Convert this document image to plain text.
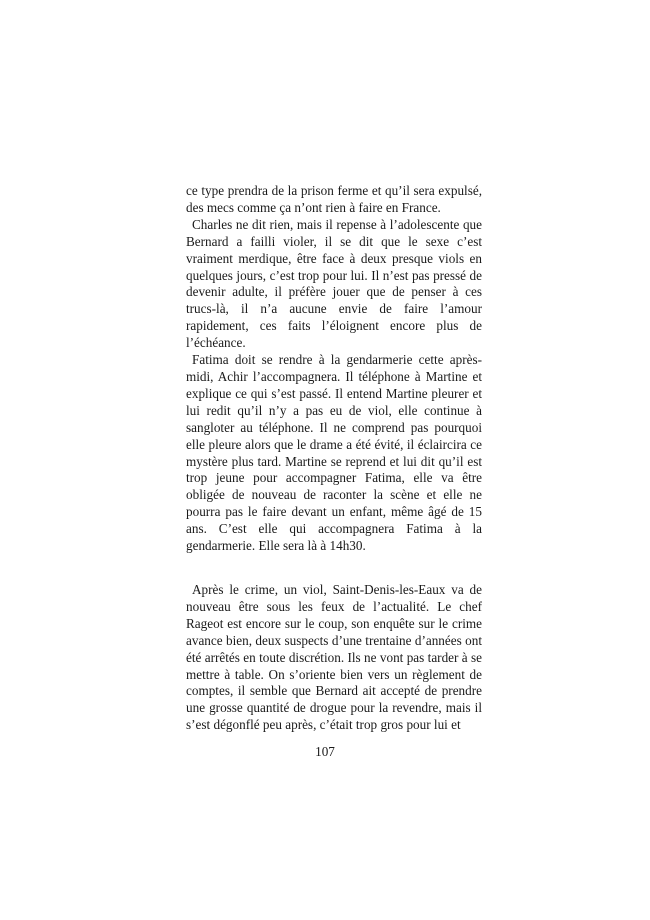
ce type prendra de la prison ferme et qu’il sera expulsé, des mecs comme ça n’ont rien à faire en France.

Charles ne dit rien, mais il repense à l’adolescente que Bernard a failli violer, il se dit que le sexe c’est vraiment merdique, être face à deux presque viols en quelques jours, c’est trop pour lui. Il n’est pas pressé de devenir adulte, il préfère jouer que de penser à ces trucs-là, il n’a aucune envie de faire l’amour rapidement, ces faits l’éloignent encore plus de l’échéance.

Fatima doit se rendre à la gendarmerie cette après-midi, Achir l’accompagnera. Il téléphone à Martine et explique ce qui s’est passé. Il entend Martine pleurer et lui redit qu’il n’y a pas eu de viol, elle continue à sangloter au téléphone. Il ne comprend pas pourquoi elle pleure alors que le drame a été évité, il éclaircira ce mystère plus tard. Martine se reprend et lui dit qu’il est trop jeune pour accompagner Fatima, elle va être obligée de nouveau de raconter la scène et elle ne pourra pas le faire devant un enfant, même âgé de 15 ans. C’est elle qui accompagnera Fatima à la gendarmerie. Elle sera là à 14h30.

Après le crime, un viol, Saint-Denis-les-Eaux va de nouveau être sous les feux de l’actualité. Le chef Rageot est encore sur le coup, son enquête sur le crime avance bien, deux suspects d’une trentaine d’années ont été arrêtés en toute discrétion. Ils ne vont pas tarder à se mettre à table. On s’oriente bien vers un règlement de comptes, il semble que Bernard ait accepté de prendre une grosse quantité de drogue pour la revendre, mais il s’est dégonflé peu après, c’était trop gros pour lui et

107
